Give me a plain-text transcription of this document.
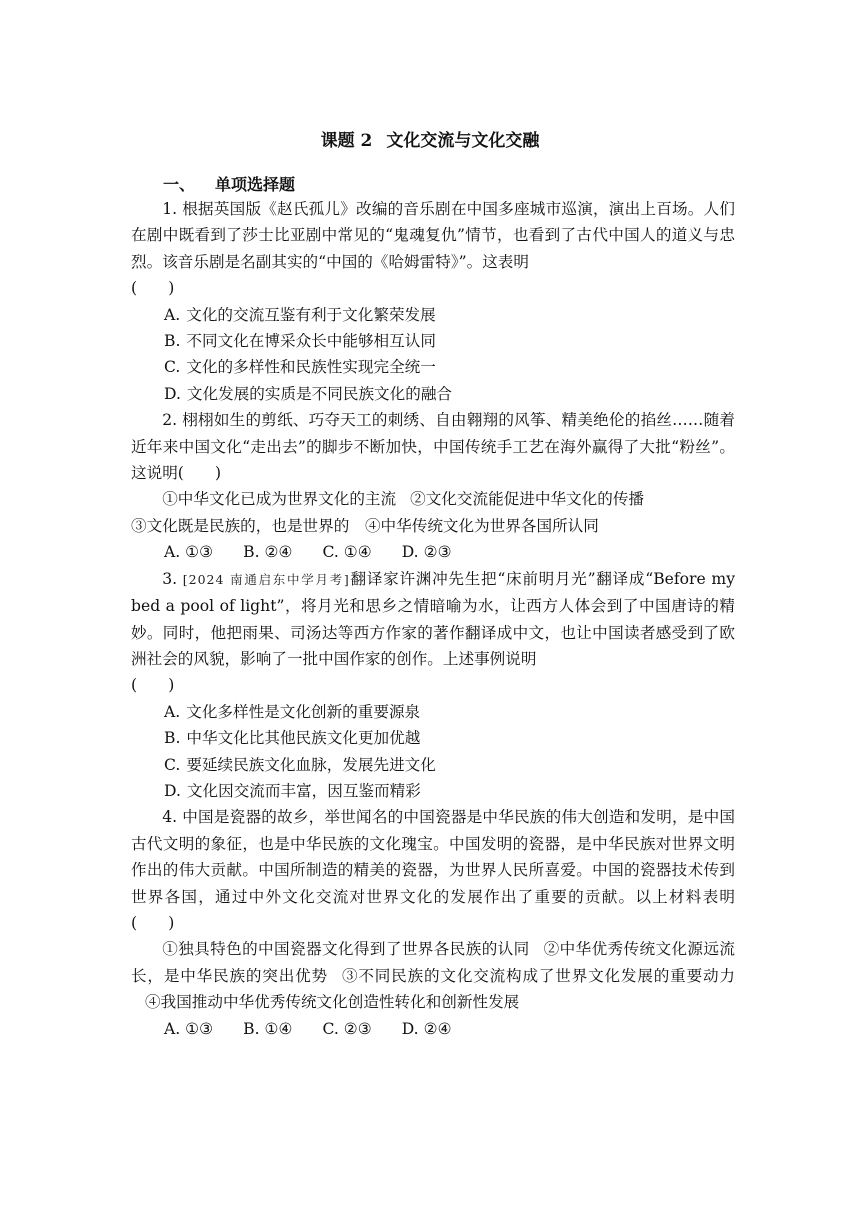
课题 2 文化交流与文化交融
一、 单项选择题

1. 根据英国版《赵氏孤儿》改编的音乐剧在中国多座城市巡演，演出上百场。人们在剧中既看到了莎士比亚剧中常见的“鬼魂复仇”情节，也看到了古代中国人的道义与忠烈。该音乐剧是名副其实的“中国的《哈姆雷特》”。这表明

(　　)

A. 文化的交流互鉴有利于文化繁荣发展

B. 不同文化在博采众长中能够相互认同

C. 文化的多样性和民族性实现完全统一

D. 文化发展的实质是不同民族文化的融合

2. 栩栩如生的剪纸、巧夺天工的刺绣、自由翱翔的风筝、精美绝伦的掐丝……随着近年来中国文化“走出去”的脚步不断加快，中国传统手工艺在海外赢得了大批“粉丝”。这说明(　　)

①中华文化已成为世界文化的主流 ②文化交流能促进中华文化的传播

③文化既是民族的，也是世界的　 ④中华传统文化为世界各国所认同

A. ①③ B. ②④ C. ①④ D. ②③

3. [2024 南通启东中学月考]翻译家许渊冲先生把“床前明月光”翻译成“Before my bed a pool of light”，将月光和思乡之情暗喻为水，让西方人体会到了中国唐诗的精妙。同时，他把雨果、司汤达等西方作家的著作翻译成中文，也让中国读者感受到了欧洲社会的风貌，影响了一批中国作家的创作。上述事例说明

(　　)

A. 文化多样性是文化创新的重要源泉

B. 中华文化比其他民族文化更加优越

C. 要延续民族文化血脉，发展先进文化

D. 文化因交流而丰富，因互鉴而精彩

4. 中国是瓷器的故乡，举世闻名的中国瓷器是中华民族的伟大创造和发明，是中国古代文明的象征，也是中华民族的文化瑰宝。中国发明的瓷器，是中华民族对世界文明作出的伟大贡献。中国所制造的精美的瓷器，为世界人民所喜爱。中国的瓷器技术传到世界各国，通过中外文化交流对世界文化的发展作出了重要的贡献。以上材料表明(　　)

①独具特色的中国瓷器文化得到了世界各民族的认同 ②中华优秀传统文化源远流长，是中华民族的突出优势 ③不同民族的文化交流构成了世界文化发展的重要动力④我国推动中华优秀传统文化创造性转化和创新性发展

A. ①③ B. ①④ C. ②③ D. ②④
